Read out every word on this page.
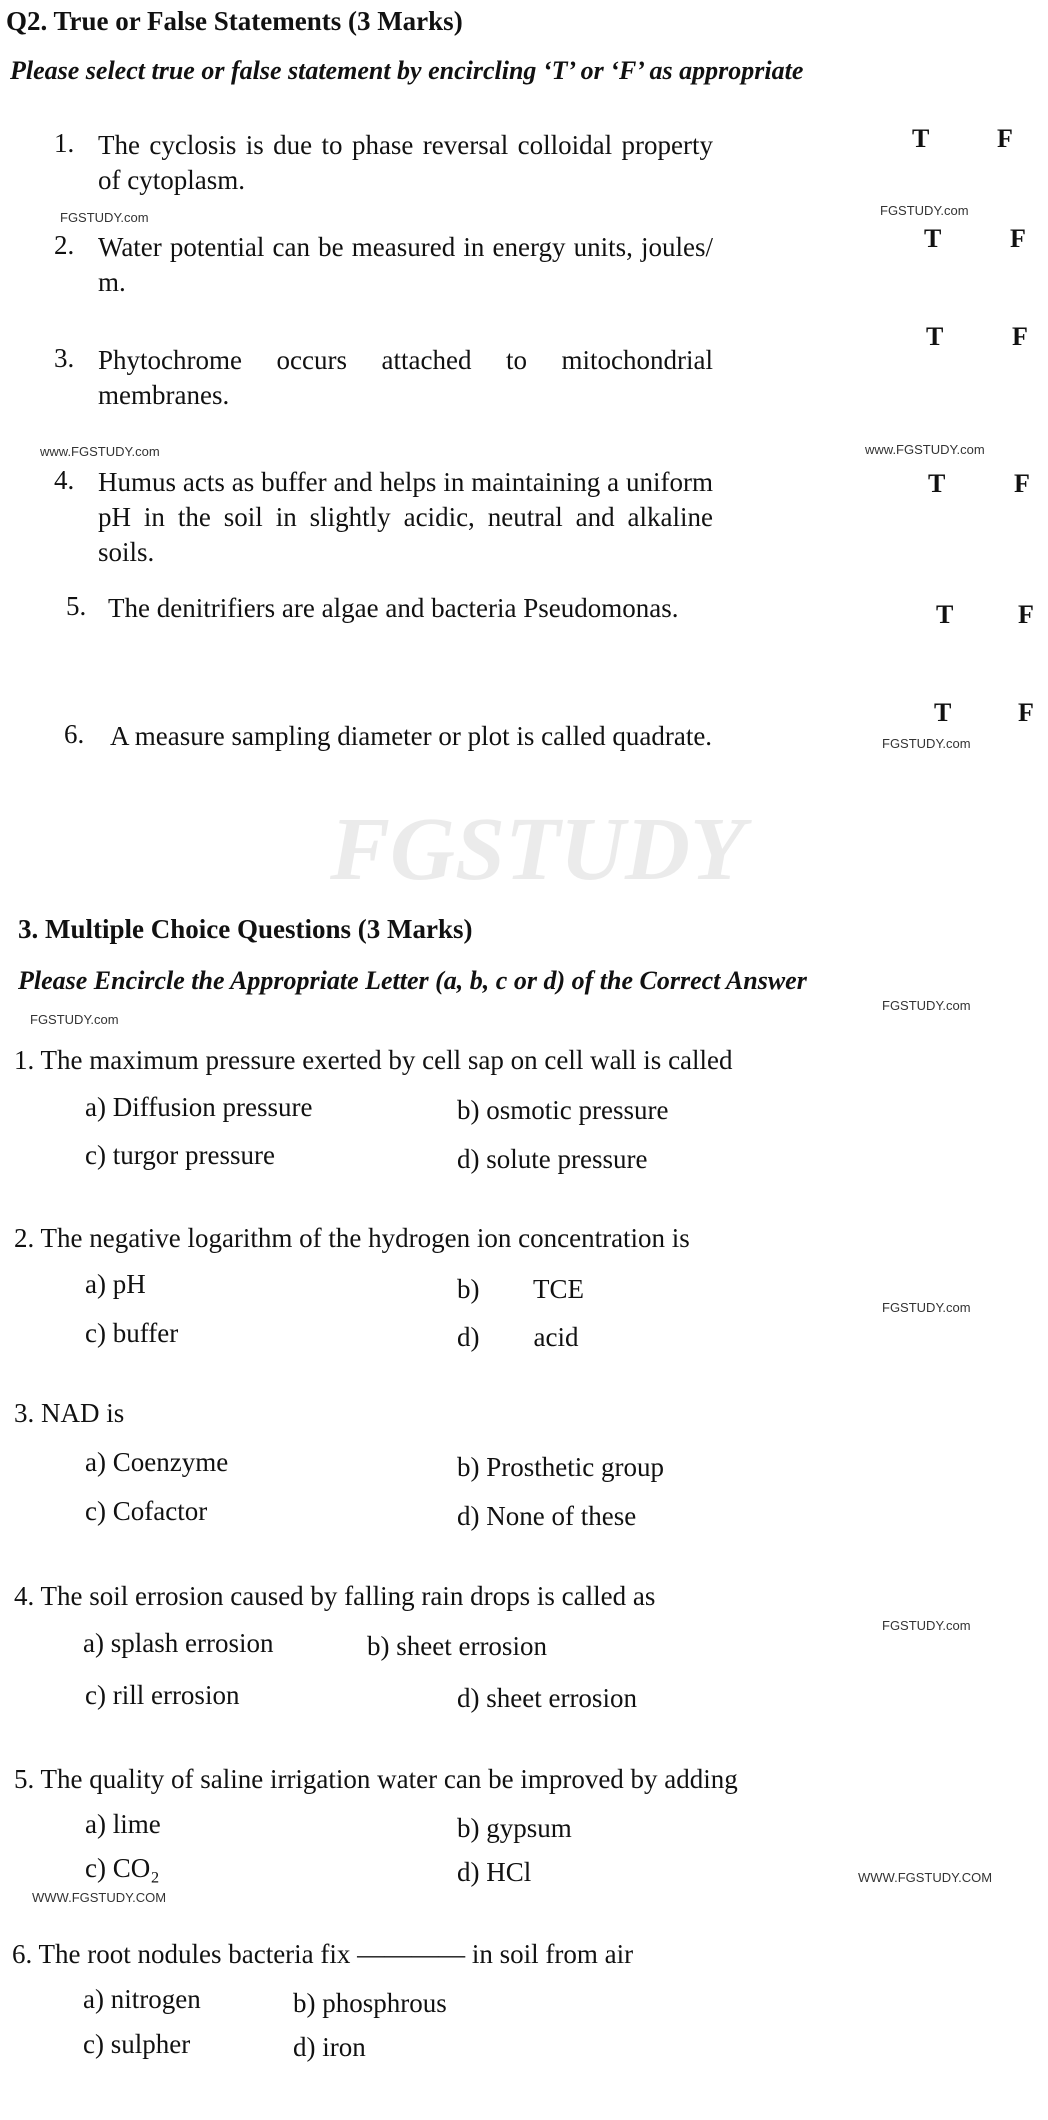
FGSTUDY
Q2. True or False Statements (3 Marks)
Please select true or false statement by encircling ‘T’ or ‘F’ as appropriate
1. The cyclosis is due to phase reversal colloidal property of cytoplasm.
T	F
2. Water potential can be measured in energy units, joules/ m.
T	F
3. Phytochrome occurs attached to mitochondrial membranes.
T	F
4. Humus acts as buffer and helps in maintaining a uniform pH in the soil in slightly acidic, neutral and alkaline soils.
T	F
5. The denitrifiers are algae and bacteria Pseudomonas.	T F
6. A measure sampling diameter or plot is called quadrate.
T	F
FGSTUDY.com	FGSTUDY.com
www.FGSTUDY.com
www.FGSTUDY.com
FGSTUDY.com
FGSTUDY.com
FGSTUDY.com
FGSTUDY.com
FGSTUDY.com
WWW.FGSTUDY.COM
WWW.FGSTUDY.COM
3. Multiple Choice Questions (3 Marks)
Please Encircle the Appropriate Letter (a, b, c or d) of the Correct Answer
1. The maximum pressure exerted by cell sap on cell wall is called
a) Diffusion pressure	b) osmotic pressure
c) turgor pressure	d) solute pressure
2. The negative logarithm of the hydrogen ion concentration is
a) pH	b)        TCE
c) buffer	d)        acid
3. NAD is
a) Coenzyme	b) Prosthetic group
c) Cofactor	d) None of these
4. The soil errosion caused by falling rain drops is called as
a) splash errosion	b) sheet errosion
c) rill errosion	d) sheet errosion
5. The quality of saline irrigation water can be improved by adding
a) lime	b) gypsum
c) CO₂	d) HCl
6. The root nodules bacteria fix ———— in soil from air
a) nitrogen	b) phosphrous
c) sulpher	d) iron
